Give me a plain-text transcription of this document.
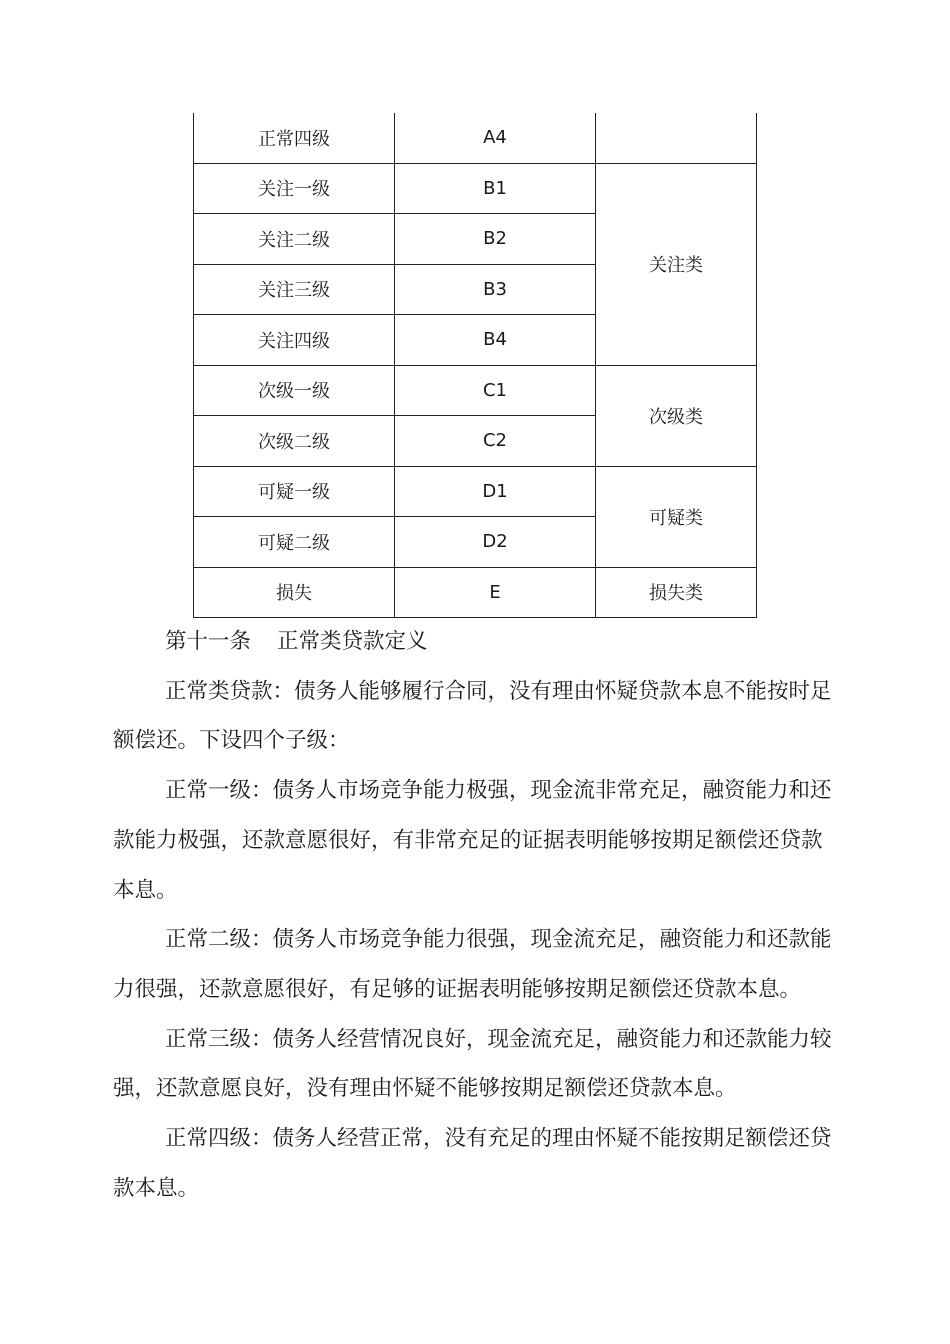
正常四级	A4	
关注一级	B1	关注类
关注二级	B2	
关注三级	B3	
关注四级	B4	
次级一级	C1	次级类
次级二级	C2	
可疑一级	D1	可疑类
可疑二级	D2	
损失	E	损失类

第十一条 正常类贷款定义

正常类贷款：债务人能够履行合同，没有理由怀疑贷款本息不能按时足额偿还。下设四个子级：

正常一级：债务人市场竞争能力极强，现金流非常充足，融资能力和还款能力极强，还款意愿很好，有非常充足的证据表明能够按期足额偿还贷款本息。

正常二级：债务人市场竞争能力很强，现金流充足，融资能力和还款能力很强，还款意愿很好，有足够的证据表明能够按期足额偿还贷款本息。

正常三级：债务人经营情况良好，现金流充足，融资能力和还款能力较强，还款意愿良好，没有理由怀疑不能够按期足额偿还贷款本息。

正常四级：债务人经营正常，没有充足的理由怀疑不能按期足额偿还贷款本息。
